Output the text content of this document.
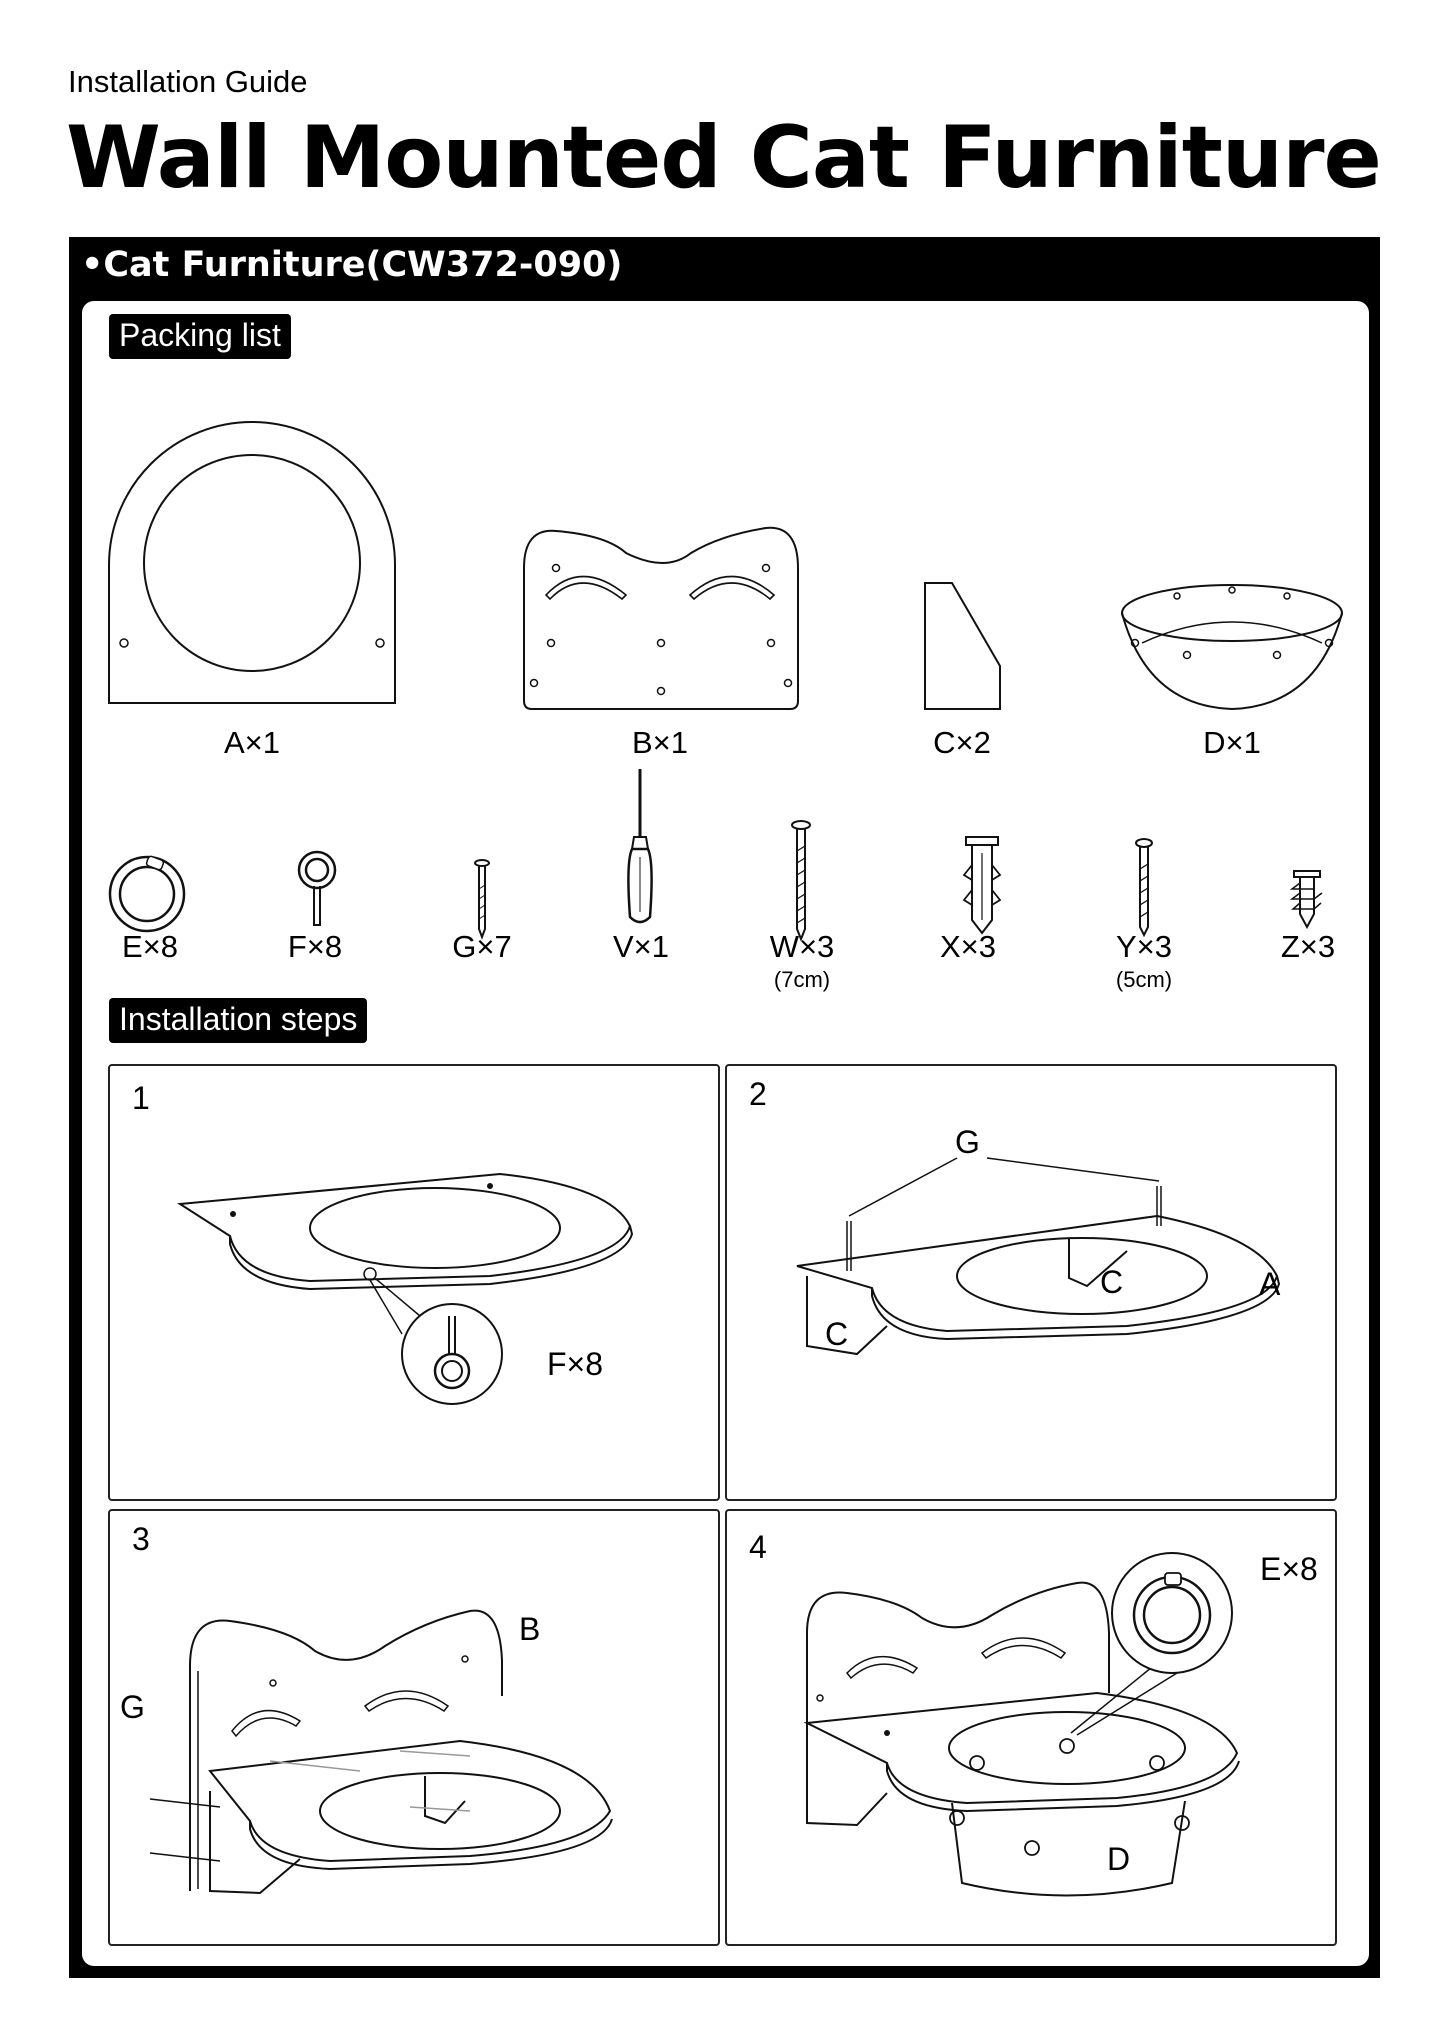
Installation Guide
Wall Mounted Cat Furniture
•Cat Furniture(CW372-090)
Packing list
A×1	B×1	C×2	D×1
E×8	F×8	G×7	V×1	W×3
(7cm)
X×3	Y×3
(5cm)
Z×3
Installation steps
1
F×8
2
G
C	A
C
3
B
G
4
E×8
D
